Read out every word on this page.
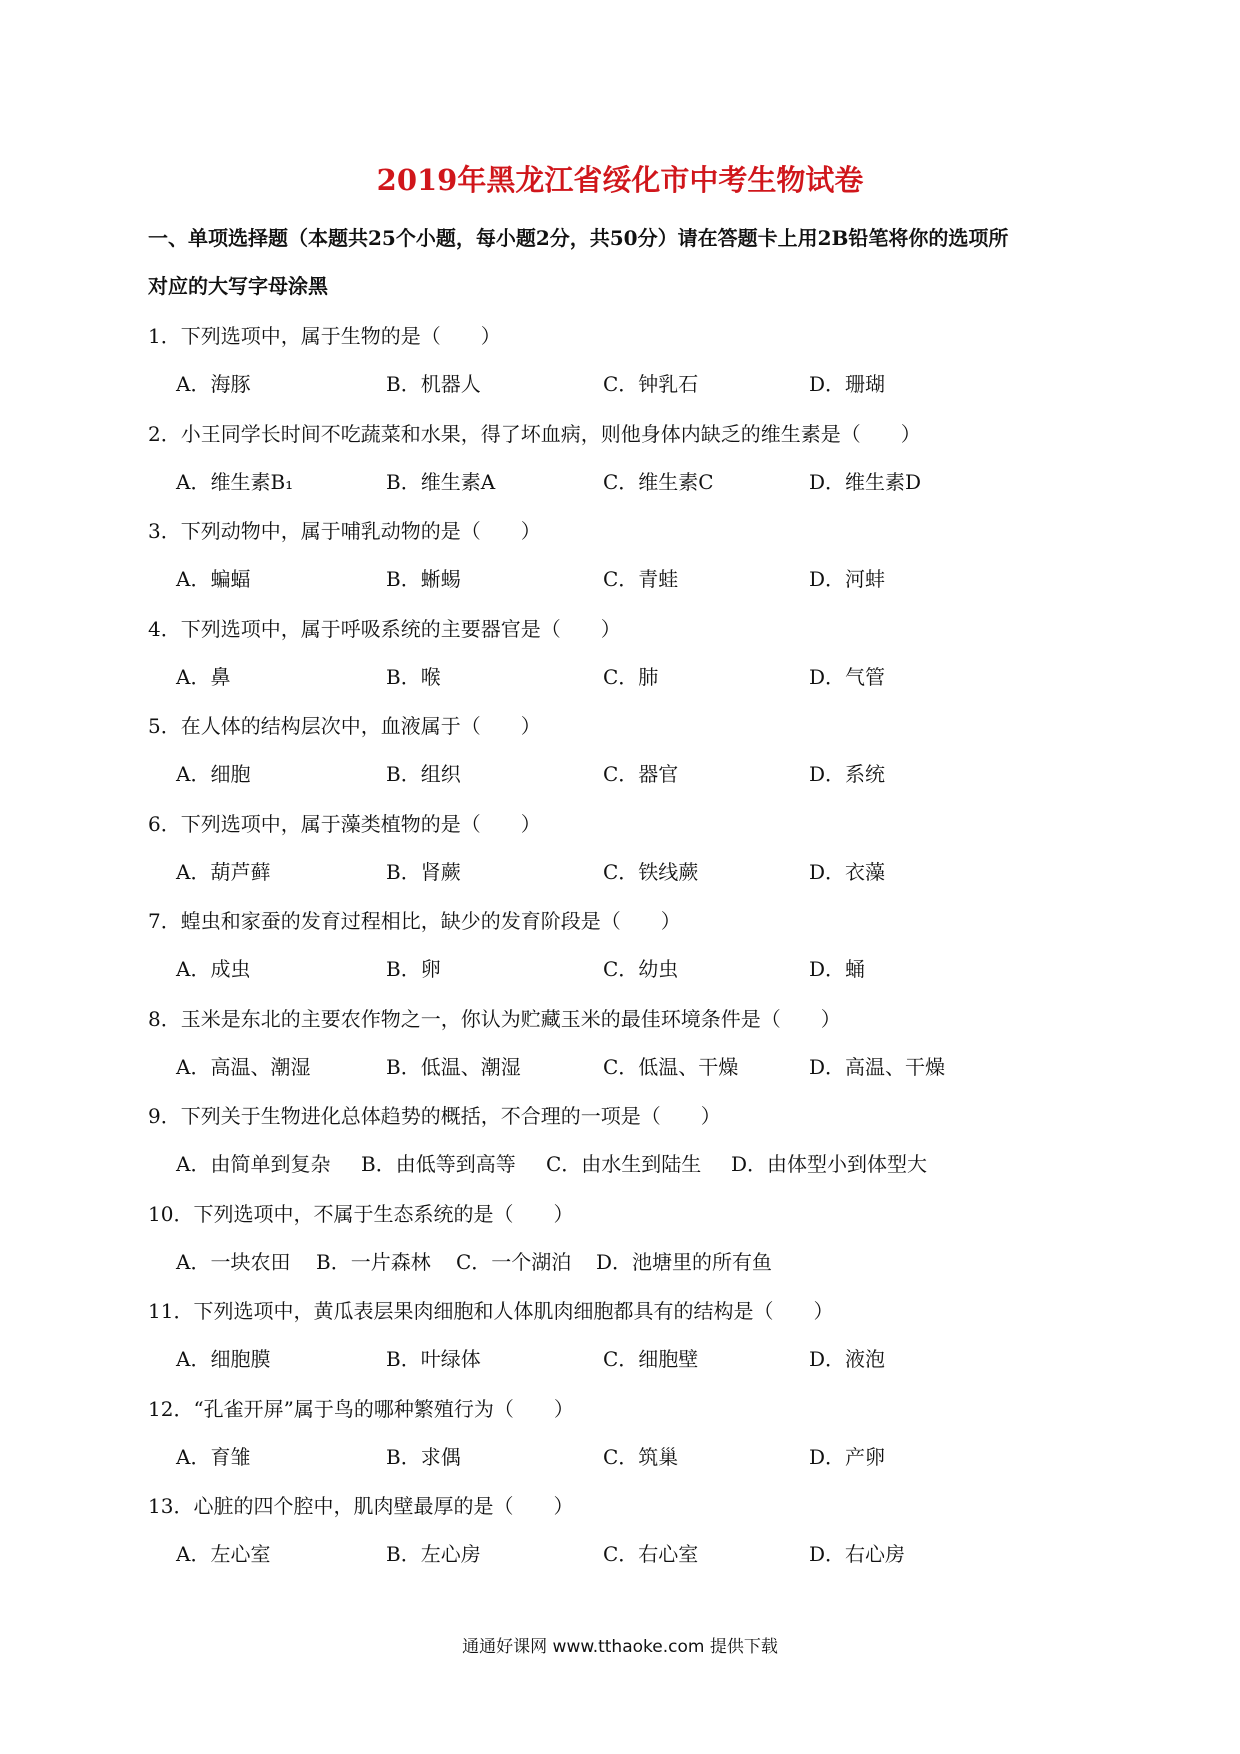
2019年黑龙江省绥化市中考生物试卷
一、单项选择题（本题共25个小题，每小题2分，共50分）请在答题卡上用2B铅笔将你的选项所
对应的大写字母涂黑
1．下列选项中，属于生物的是（　　）
A．海豚	B．机器人	C．钟乳石	D．珊瑚
2．小王同学长时间不吃蔬菜和水果，得了坏血病，则他身体内缺乏的维生素是（　　）
A．维生素B₁	B．维生素A	C．维生素C	D．维生素D
3．下列动物中，属于哺乳动物的是（　　）
A．蝙蝠	B．蜥蜴	C．青蛙	D．河蚌
4．下列选项中，属于呼吸系统的主要器官是（　　）
A．鼻	B．喉	C．肺	D．气管
5．在人体的结构层次中，血液属于（　　）
A．细胞	B．组织	C．器官	D．系统
6．下列选项中，属于藻类植物的是（　　）
A．葫芦藓	B．肾蕨	C．铁线蕨	D．衣藻
7．蝗虫和家蚕的发育过程相比，缺少的发育阶段是（　　）
A．成虫	B．卵	C．幼虫	D．蛹
8．玉米是东北的主要农作物之一，你认为贮藏玉米的最佳环境条件是（　　）
A．高温、潮湿	B．低温、潮湿	C．低温、干燥	D．高温、干燥
9．下列关于生物进化总体趋势的概括，不合理的一项是（　　）
A．由简单到复杂 B．由低等到高等 C．由水生到陆生 D．由体型小到体型大
10．下列选项中，不属于生态系统的是（　　）
A．一块农田 B．一片森林 C．一个湖泊 D．池塘里的所有鱼
11．下列选项中，黄瓜表层果肉细胞和人体肌肉细胞都具有的结构是（　　）
A．细胞膜	B．叶绿体	C．细胞壁	D．液泡
12．“孔雀开屏”属于鸟的哪种繁殖行为（　　）
A．育雏	B．求偶	C．筑巢	D．产卵
13．心脏的四个腔中，肌肉壁最厚的是（　　）
A．左心室	B．左心房	C．右心室	D．右心房
通通好课网 www.tthaoke.com 提供下载
